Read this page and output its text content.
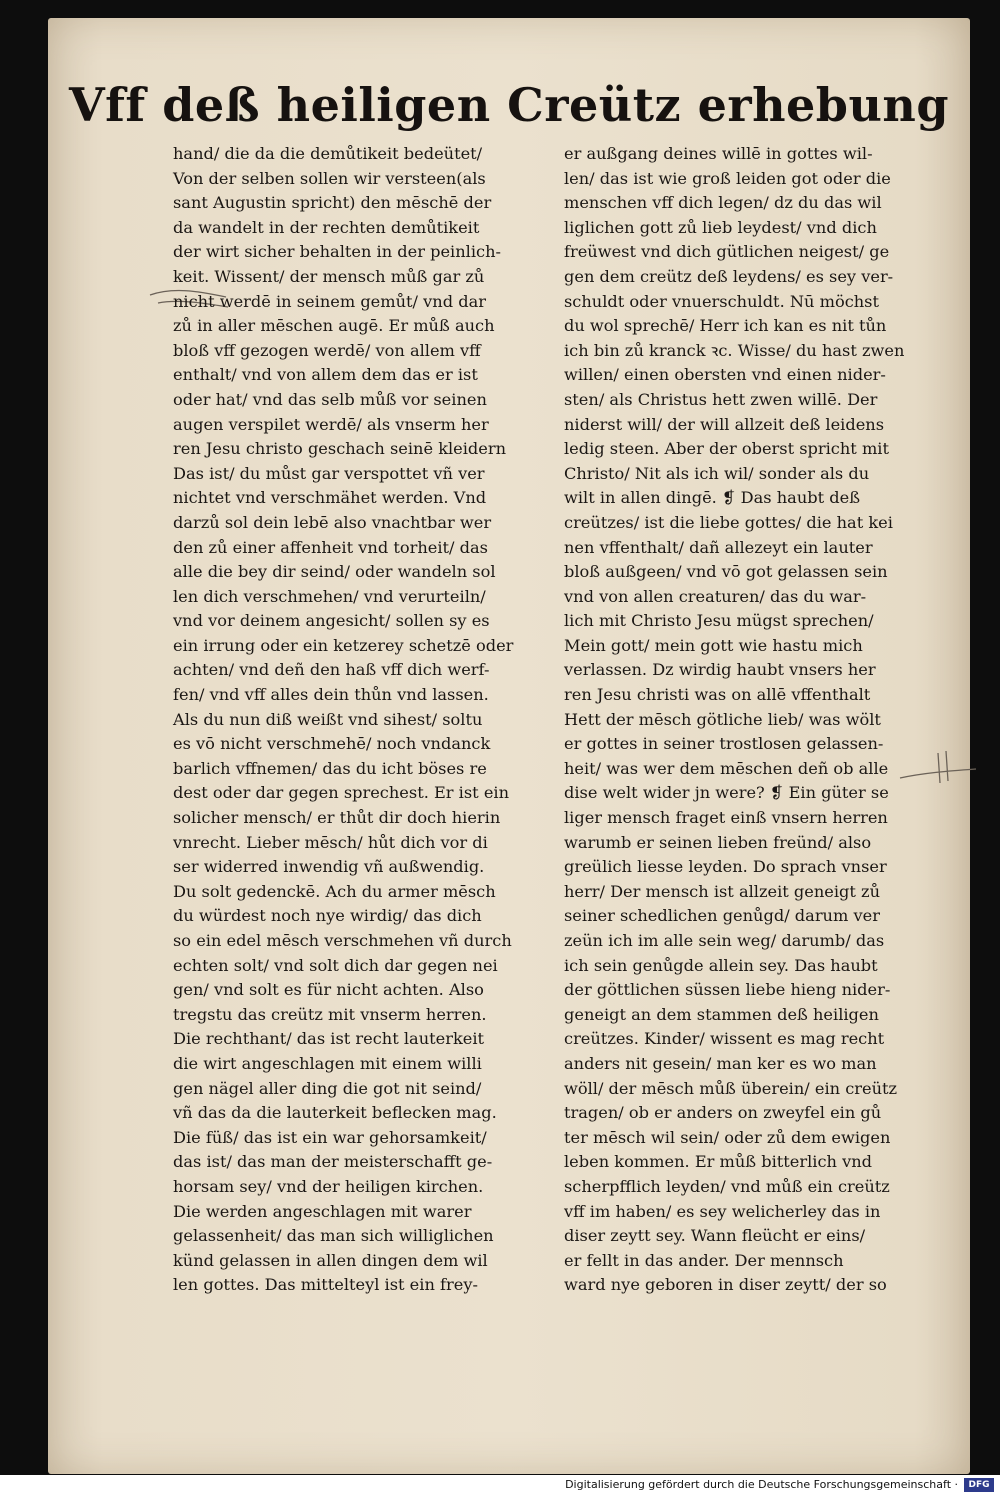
Vff deß heiligen Creütz erhebung
hand/ die da die demůtikeit bedeütet/
Von der selben sollen wir versteen(als
sant Augustin spricht) den mēschē der
da wandelt in der rechten demůtikeit
der wirt sicher behalten in der peinlich-
keit. Wissent/ der mensch můß gar zů
nicht werdē in seinem gemůt/ vnd dar
zů in aller mēschen augē. Er můß auch
bloß vff gezogen werdē/ von allem vff
enthalt/ vnd von allem dem das er ist
oder hat/ vnd das selb můß vor seinen
augen verspilet werdē/ als vnserm her
ren Jesu christo geschach seinē kleidern
Das ist/ du můst gar verspottet vñ ver
nichtet vnd verschmähet werden. Vnd
darzů sol dein lebē also vnachtbar wer
den zů einer affenheit vnd torheit/ das
alle die bey dir seind/ oder wandeln sol
len dich verschmehen/ vnd verurteiln/
vnd vor deinem angesicht/ sollen sy es
ein irrung oder ein ketzerey schetzē oder
achten/ vnd deñ den haß vff dich werf-
fen/ vnd vff alles dein thůn vnd lassen.
Als du nun diß weißt vnd sihest/ soltu
es vō nicht verschmehē/ noch vndanck
barlich vffnemen/ das du icht böses re
dest oder dar gegen sprechest. Er ist ein
solicher mensch/ er thůt dir doch hierin
vnrecht. Lieber mēsch/ hůt dich vor di
ser widerred inwendig vñ außwendig.
Du solt gedenckē. Ach du armer mēsch
du würdest noch nye wirdig/ das dich
so ein edel mēsch verschmehen vñ durch
echten solt/ vnd solt dich dar gegen nei
gen/ vnd solt es für nicht achten. Also
tregstu das creütz mit vnserm herren.
Die rechthant/ das ist recht lauterkeit
die wirt angeschlagen mit einem willi
gen nägel aller ding die got nit seind/
vñ das da die lauterkeit beflecken mag.
Die füß/ das ist ein war gehorsamkeit/
das ist/ das man der meisterschafft ge-
horsam sey/ vnd der heiligen kirchen.
Die werden angeschlagen mit warer
gelassenheit/ das man sich williglichen
künd gelassen in allen dingen dem wil
len gottes. Das mittelteyl ist ein frey-
er außgang deines willē in gottes wil-
len/ das ist wie groß leiden got oder die
menschen vff dich legen/ dz du das wil
liglichen gott zů lieb leydest/ vnd dich
freüwest vnd dich gütlichen neigest/ ge
gen dem creütz deß leydens/ es sey ver-
schuldt oder vnuerschuldt. Nū möchst
du wol sprechē/ Herr ich kan es nit tůn
ich bin zů kranck ꝛc. Wisse/ du hast zwen
willen/ einen obersten vnd einen nider-
sten/ als Christus hett zwen willē. Der
niderst will/ der will allzeit deß leidens
ledig steen. Aber der oberst spricht mit
Christo/ Nit als ich wil/ sonder als du
wilt in allen dingē. ❡ Das haubt deß
creützes/ ist die liebe gottes/ die hat kei
nen vffenthalt/ dañ allezeyt ein lauter
bloß außgeen/ vnd vō got gelassen sein
vnd von allen creaturen/ das du war-
lich mit Christo Jesu mügst sprechen/
Mein gott/ mein gott wie hastu mich
verlassen. Dz wirdig haubt vnsers her
ren Jesu christi was on allē vffenthalt
Hett der mēsch götliche lieb/ was wölt
er gottes in seiner trostlosen gelassen-
heit/ was wer dem mēschen deñ ob alle
dise welt wider jn were? ❡ Ein güter se
liger mensch fraget einß vnsern herren
warumb er seinen lieben freünd/ also
greülich liesse leyden. Do sprach vnser
herr/ Der mensch ist allzeit geneigt zů
seiner schedlichen genůgd/ darum ver
zeün ich im alle sein weg/ darumb/ das
ich sein genůgde allein sey. Das haubt
der göttlichen süssen liebe hieng nider-
geneigt an dem stammen deß heiligen
creützes. Kinder/ wissent es mag recht
anders nit gesein/ man ker es wo man
wöll/ der mēsch můß überein/ ein creütz
tragen/ ob er anders on zweyfel ein gů
ter mēsch wil sein/ oder zů dem ewigen
leben kommen. Er můß bitterlich vnd
scherpfflich leyden/ vnd můß ein creütz
vff im haben/ es sey welicherley das in
diser zeytt sey. Wann fleücht er eins/
er fellt in das ander. Der mennsch
ward nye geboren in diser zeytt/ der so
Digitalisierung gefördert durch die Deutsche Forschungsgemeinschaft ·	DFG
